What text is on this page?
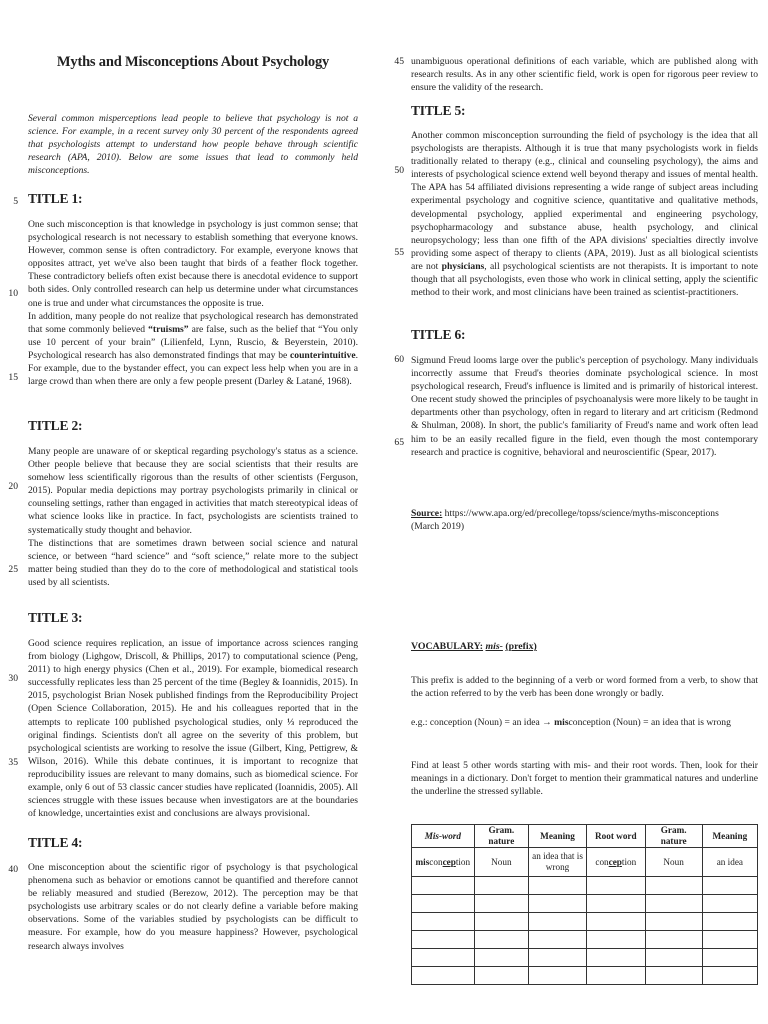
Myths and Misconceptions About Psychology
Several common misperceptions lead people to believe that psychology is not a science. For example, in a recent survey only 30 percent of the respondents agreed that psychologists attempt to understand how people behave through scientific research (APA, 2010). Below are some issues that lead to commonly held misconceptions.
5
10
15
20
25
30
35
40
45
50
55
60
65
TITLE 1:

One such misconception is that knowledge in psychology is just common sense; that psychological research is not necessary to establish something that everyone knows. However, common sense is often contradictory. For example, everyone knows that opposites attract, yet we've also been taught that birds of a feather flock together. These contradictory beliefs often exist because there is anecdotal evidence to support both sides. Only controlled research can help us determine under what circumstances one is true and under what circumstances the opposite is true.

In addition, many people do not realize that psychological research has demonstrated that some commonly believed “truisms” are false, such as the belief that “You only use 10 percent of your brain” (Lilienfeld, Lynn, Ruscio, & Beyerstein, 2010). Psychological research has also demonstrated findings that may be counterintuitive. For example, due to the bystander effect, you can expect less help when you are in a large crowd than when there are only a few people present (Darley & Latané, 1968).

TITLE 2:

Many people are unaware of or skeptical regarding psychology's status as a science. Other people believe that because they are social scientists that their results are somehow less scientifically rigorous than the results of other scientists (Ferguson, 2015). Popular media depictions may portray psychologists primarily in clinical or counseling settings, rather than engaged in activities that match stereotypical ideas of what science looks like in practice. In fact, psychologists are scientists trained to systematically study thought and behavior.

The distinctions that are sometimes drawn between social science and natural science, or between “hard science” and “soft science,” relate more to the subject matter being studied than they do to the core of methodological and statistical tools used by all scientists.

TITLE 3:

Good science requires replication, an issue of importance across sciences ranging from biology (Lighgow, Driscoll, & Phillips, 2017) to computational science (Peng, 2011) to high energy physics (Chen et al., 2019). For example, biomedical research successfully replicates less than 25 percent of the time (Begley & Ioannidis, 2015). In 2015, psychologist Brian Nosek published findings from the Reproducibility Project (Open Science Collaboration, 2015). He and his colleagues reported that in the attempts to replicate 100 published psychological studies, only ⅓ reproduced the original findings. Scientists don't all agree on the severity of this problem, but psychological scientists are working to resolve the issue (Gilbert, King, Pettigrew, & Wilson, 2016). While this debate continues, it is important to recognize that reproducibility issues are relevant to many domains, such as biomedical science. For example, only 6 out of 53 classic cancer studies have replicated (Ioannidis, 2005). All sciences struggle with these issues because when investigators are at the boundaries of knowledge, uncertainties exist and conclusions are always provisional.

TITLE 4:
One misconception about the scientific rigor of psychology is that psychological phenomena such as behavior or emotions cannot be quantified and therefore cannot be reliably measured and studied (Berezow, 2012). The perception may be that psychologists use arbitrary scales or do not clearly define a variable before making observations. Some of the variables studied by psychologists can be difficult to measure. For example, how do you measure happiness? However, psychological research always involves
unambiguous operational definitions of each variable, which are published along with research results. As in any other scientific field, work is open for rigorous peer review to ensure the validity of the research.
TITLE 5:

Another common misconception surrounding the field of psychology is the idea that all psychologists are therapists. Although it is true that many psychologists work in fields traditionally related to therapy (e.g., clinical and counseling psychology), the aims and interests of psychological science extend well beyond therapy and issues of mental health. The APA has 54 affiliated divisions representing a wide range of subject areas including experimental psychology and cognitive science, quantitative and qualitative methods, developmental psychology, applied experimental and engineering psychology, psychopharmacology and substance abuse, health psychology, and clinical neuropsychology; less than one fifth of the APA divisions' specialties directly involve providing some aspect of therapy to clients (APA, 2019). Just as all biological scientists are not physicians, all psychological scientists are not therapists. It is important to note though that all psychologists, even those who work in clinical setting, apply the scientific method to their work, and most clinicians have been trained as scientist-practitioners.

TITLE 6:
Sigmund Freud looms large over the public's perception of psychology. Many individuals incorrectly assume that Freud's theories dominate psychological science. In most psychological research, Freud's influence is limited and is primarily of historical interest. One recent study showed the principles of psychoanalysis were more likely to be taught in departments other than psychology, often in regard to literary and art criticism (Redmond & Shulman, 2008). In short, the public's familiarity of Freud's name and work often lead him to be an easily recalled figure in the field, even though the most contemporary research and practice is cognitive, behavioral and neuroscientific (Spear, 2017).
Source: https://www.apa.org/ed/precollege/topss/science/myths-misconceptions
(March 2019)
VOCABULARY: mis- (prefix)
This prefix is added to the beginning of a verb or word formed from a verb, to show that the action referred to by the verb has been done wrongly or badly.
e.g.: conception (Noun) = an idea → misconception (Noun) = an idea that is wrong
Find at least 5 other words starting with mis- and their root words. Then, look for their meanings in a dictionary. Don't forget to mention their grammatical natures and underline the underline the stressed syllable.
Mis-word	Gram. nature	Meaning	Root word	Gram. nature	Meaning
misconception	Noun	an idea that is wrong	conception	Noun	an idea
